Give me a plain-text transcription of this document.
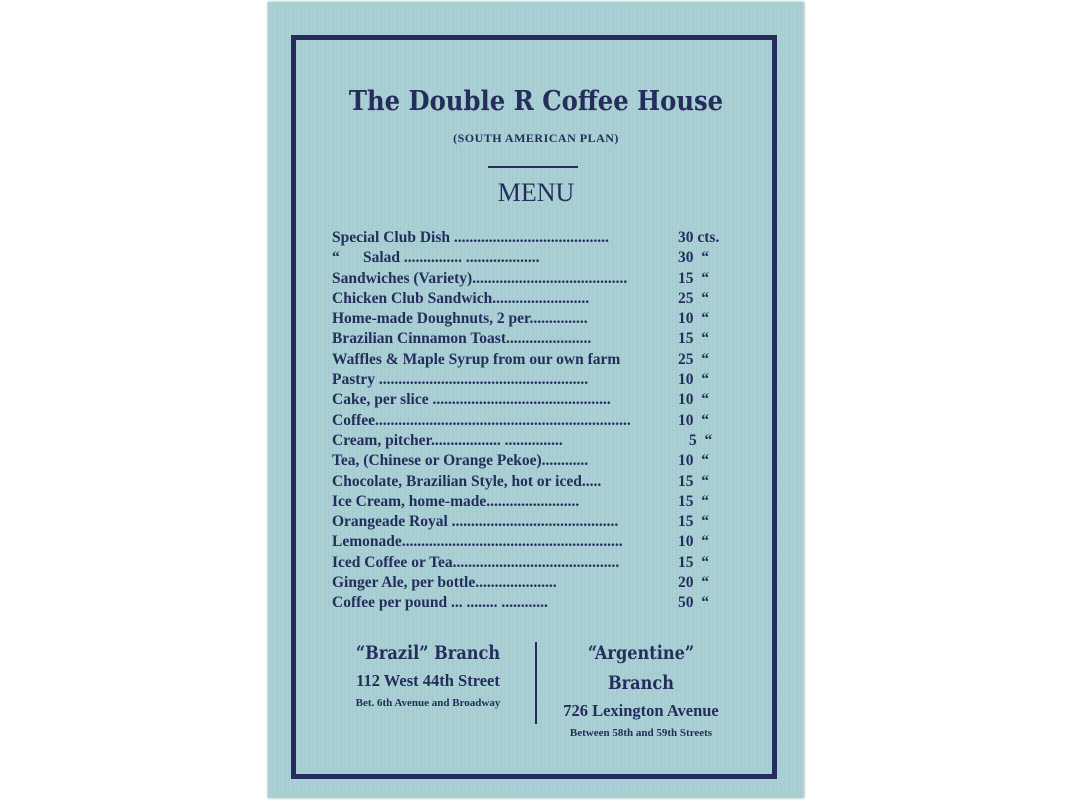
The Double R Coffee House
(SOUTH AMERICAN PLAN)
MENU
Special Club Dish ........................................	30 cts.
“      Salad ............... ...................	30  “
Sandwiches (Variety)........................................	15  “
Chicken Club Sandwich.........................	25  “
Home-made Doughnuts, 2 per...............	10  “
Brazilian Cinnamon Toast......................	15  “
Waffles & Maple Syrup from our own farm	25  “
Pastry ......................................................	10  “
Cake, per slice ..............................................	10  “
Coffee..................................................................	10  “
Cream, pitcher.................. ...............	5  “
Tea, (Chinese or Orange Pekoe)............	10  “
Chocolate, Brazilian Style, hot or iced.....	15  “
Ice Cream, home-made........................	15  “
Orangeade Royal ...........................................	15  “
Lemonade.........................................................	10  “
Iced Coffee or Tea...........................................	15  “
Ginger Ale, per bottle.....................	20  “
Coffee per pound ... ........ ............	50  “
“Brazil” Branch
112 West 44th Street
Bet. 6th Avenue and Broadway
“Argentine” Branch
726 Lexington Avenue
Between 58th and 59th Streets
